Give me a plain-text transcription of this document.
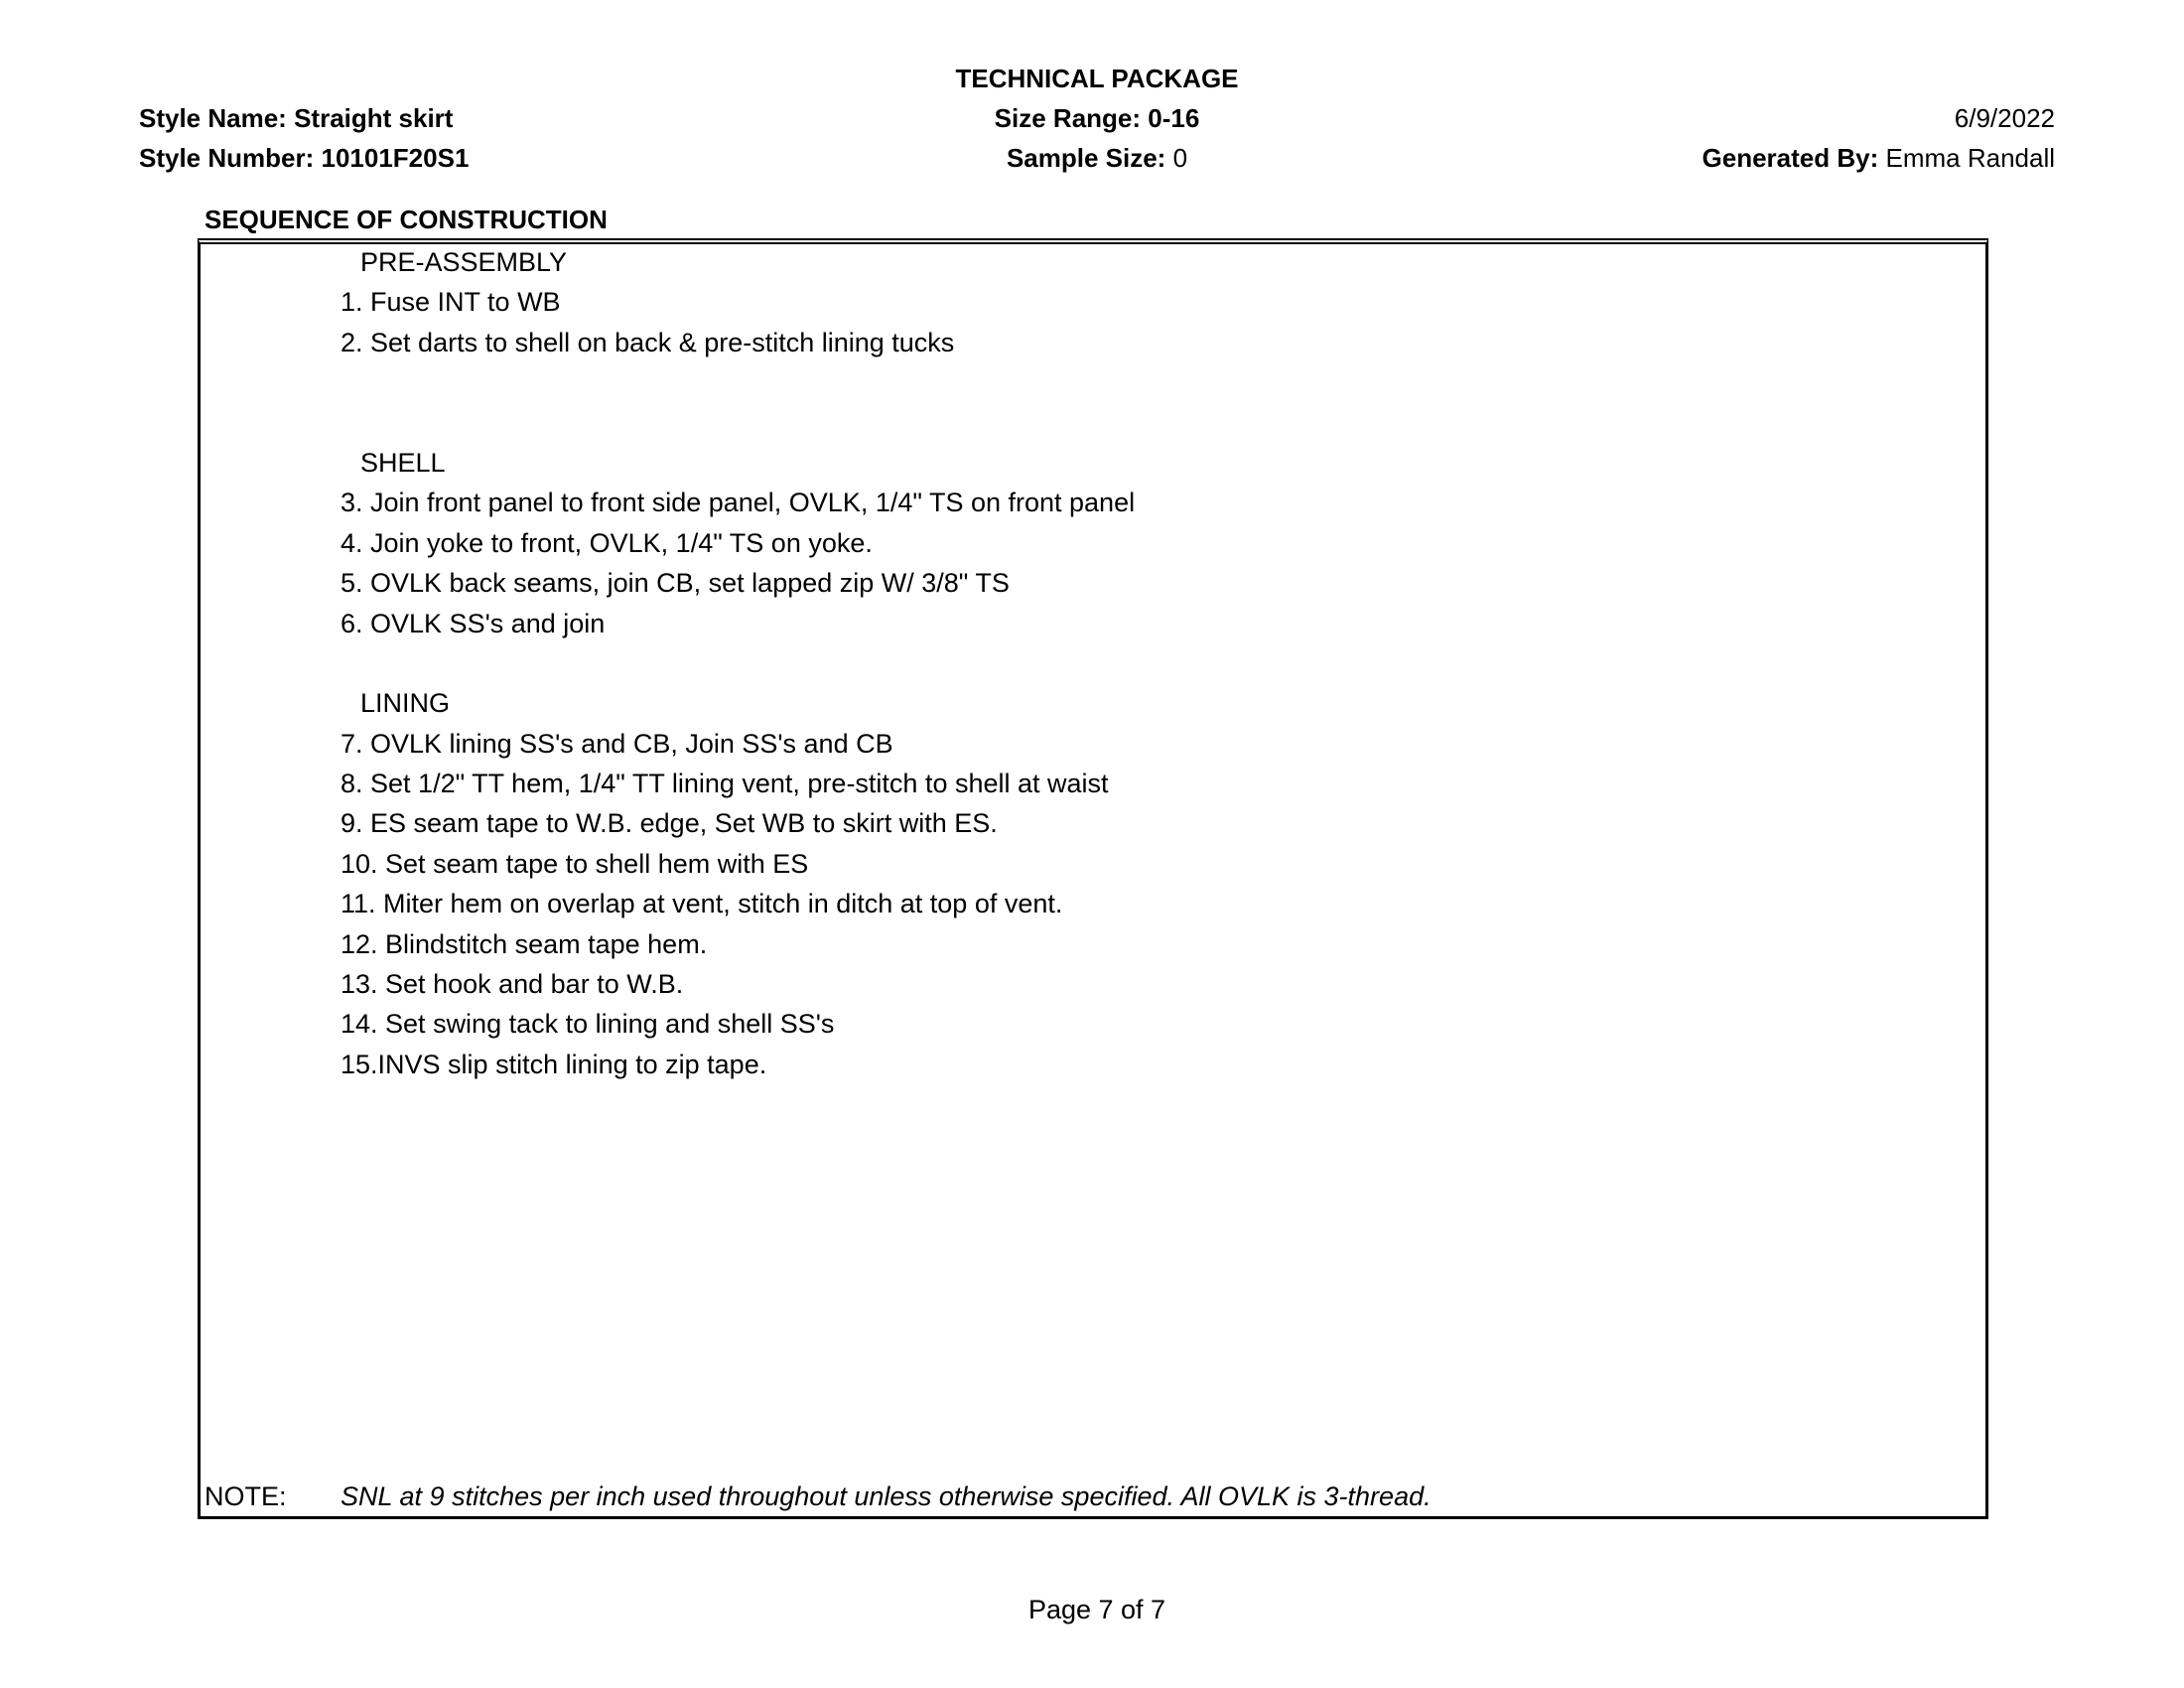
TECHNICAL PACKAGE
Style Name: Straight skirt
Style Number: 10101F20S1
Size Range: 0-16
Sample Size: 0
6/9/2022
Generated By: Emma Randall
SEQUENCE OF CONSTRUCTION
PRE-ASSEMBLY
1. Fuse INT to WB
2. Set darts to shell on back & pre-stitch lining tucks
SHELL
3. Join front panel to front side panel, OVLK, 1/4" TS on front panel
4. Join yoke to front, OVLK, 1/4" TS on yoke.
5. OVLK back seams, join CB, set lapped zip W/ 3/8" TS
6. OVLK SS's and join
LINING
7. OVLK lining SS's and CB, Join SS's and CB
8. Set 1/2" TT hem, 1/4" TT lining vent, pre-stitch to shell at waist
9. ES seam tape to W.B. edge, Set WB to skirt with ES.
10. Set seam tape to shell hem with ES
11. Miter hem on overlap at vent, stitch in ditch at top of vent.
12. Blindstitch seam tape hem.
13. Set hook and bar to W.B.
14. Set swing tack to lining and shell SS's
15.INVS slip stitch lining to zip tape.
NOTE: SNL at 9 stitches per inch used throughout unless otherwise specified. All OVLK is 3-thread.
Page 7 of 7
